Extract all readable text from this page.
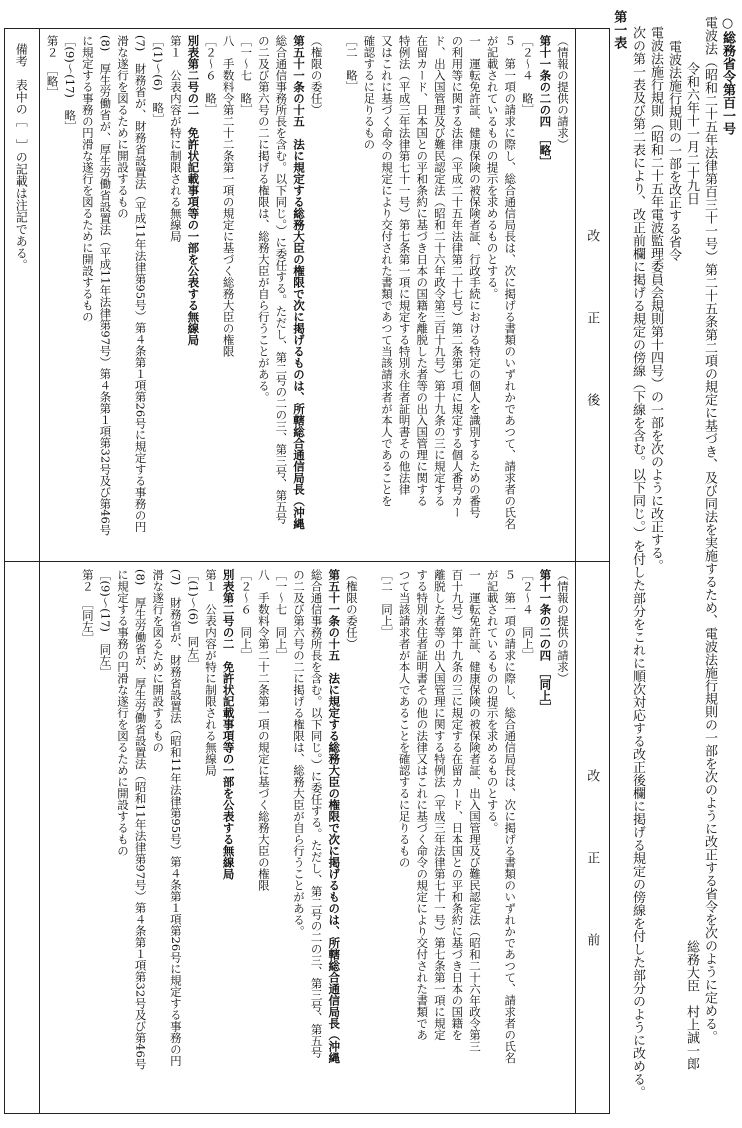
○総務省令第百一号
電波法（昭和二十五年法律第百三十一号）第二十五条第二項の規定に基づき、及び同法を実施するため、電波法施行規則の一部を次のように改正する省令を次のように定める。
令和六年十一月二十九日
総務大臣　村上誠一郎
電波法施行規則の一部を改正する省令
電波法施行規則（昭和二十五年電波監理委員会規則第十四号）の一部を次のように改正する。
次の第一表及び第二表により、改正前欄に掲げる規定の傍線（下線を含む。以下同じ。）を付した部分をこれに順次対応する改正後欄に掲げる規定の傍線を付した部分のように改める。
第一表
改　正　後
改　正　前
（情報の提供の請求）
第十一条の二の四　［略］
［２～４　略］
５　第一項の請求に際し、総合通信局長は、次に掲げる書類のいずれかであつて、請求者の氏名
が記載されているものの提示を求めるものとする。
一　運転免許証、健康保険の被保険者証、行政手続における特定の個人を識別するための番号
の利用等に関する法律（平成二十五年法律第二十七号）第二条第七項に規定する個人番号カー
ド、出入国管理及び難民認定法（昭和二十六年政令第三百十九号）第十九条の三に規定する
在留カード、日本国との平和条約に基づき日本の国籍を離脱した者等の出入国管理に関する
特例法（平成三年法律第七十一号）第七条第一項に規定する特別永住者証明書その他法律
又はこれに基づく命令の規定により交付された書類であつて当該請求者が本人であることを
確認するに足りるもの
［二　略］
（権限の委任）
第五十一条の十五　法に規定する総務大臣の権限で次に掲げるものは、所轄総合通信局長（沖縄
総合通信事務所長を含む。以下同じ。）に委任する。ただし、第二号の二の三、第三号、第五号
の二及び第六号の二に掲げる権限は、総務大臣が自ら行うことがある。
［一～七　略］
八　手数料令第二十二条第一項の規定に基づく総務大臣の権限
［２～６　略］
別表第二号の二　免許状記載事項等の一部を公表する無線局
第１　公表内容が特に制限される無線局
［(1)～(6)　略］
(7)　財務省が、財務省設置法（平成11年法律第95号）第４条第１項第26号に規定する事務の円
滑な遂行を図るために開設するもの
(8)　厚生労働省が、厚生労働省設置法（平成11年法律第97号）第４条第１項第32号及び第46号
に規定する事務の円滑な遂行を図るために開設するもの
［(9)～(17)　略］
第２　［略］
（情報の提供の請求）
第十一条の二の四　［同上］
［２～４　同上］
５　第一項の請求に際し、総合通信局長は、次に掲げる書類のいずれかであつて、請求者の氏名
が記載されているものの提示を求めるものとする。
一　運転免許証、健康保険の被保険者証、出入国管理及び難民認定法（昭和二十六年政令第三
百十九号）第十九条の三に規定する在留カード、日本国との平和条約に基づき日本の国籍を
離脱した者等の出入国管理に関する特例法（平成三年法律第七十一号）第七条第一項に規定
する特別永住者証明書その他の法律又はこれに基づく命令の規定により交付された書類であ
つて当該請求者が本人であることを確認するに足りるもの
［二　同上］
（権限の委任）
第五十一条の十五　法に規定する総務大臣の権限で次に掲げるものは、所轄総合通信局長（沖縄
総合通信事務所長を含む。以下同じ。）に委任する。ただし、第二号の二の三、第三号、第五号
の二及び第六号の二に掲げる権限は、総務大臣が自ら行うことがある。
［一～七　同上］
八　手数料令第二十二条第一項の規定に基づく総務大臣の権限
［２～６　同上］
別表第二号の二　免許状記載事項等の一部を公表する無線局
第１　公表内容が特に制限される無線局
［(1)～(6)　同左］
(7)　財務省が、財務省設置法（昭和11年法律第95号）第４条第１項第26号に規定する事務の円
滑な遂行を図るために開設するもの
(8)　厚生労働省が、厚生労働省設置法（昭和11年法律第97号）第４条第１項第32号及び第46号
に規定する事務の円滑な遂行を図るために開設するもの
［(9)～(17)　同左］
第２　［同左］
備考　表中の［　］の記載は注記である。
